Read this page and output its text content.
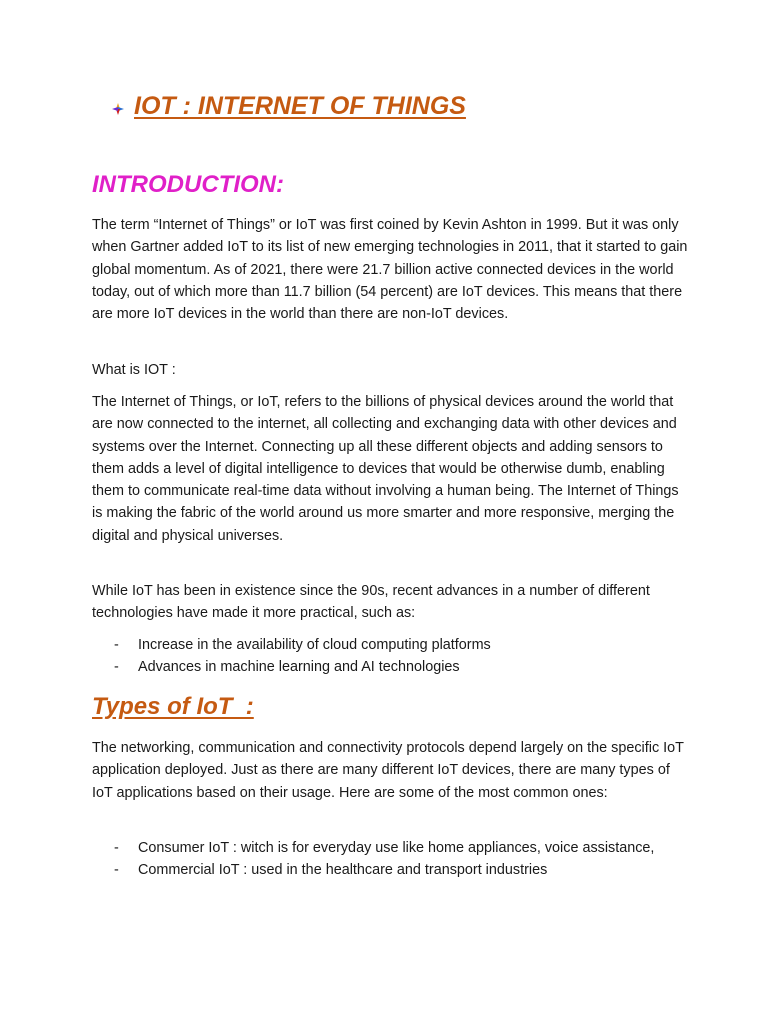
IOT : INTERNET OF THINGS
INTRODUCTION:

The term “Internet of Things” or IoT was first coined by Kevin Ashton in 1999. But it was only when Gartner added IoT to its list of new emerging technologies in 2011, that it started to gain global momentum. As of 2021, there were 21.7 billion active connected devices in the world today, out of which more than 11.7 billion (54 percent) are IoT devices. This means that there are more IoT devices in the world than there are non-IoT devices.

What is IOT :

The Internet of Things, or IoT, refers to the billions of physical devices around the world that are now connected to the internet, all collecting and exchanging data with other devices and systems over the Internet. Connecting up all these different objects and adding sensors to them adds a level of digital intelligence to devices that would be otherwise dumb, enabling them to communicate real-time data without involving a human being. The Internet of Things is making the fabric of the world around us more smarter and more responsive, merging the digital and physical universes.

While IoT has been in existence since the 90s, recent advances in a number of different technologies have made it more practical, such as:

- Increase in the availability of cloud computing platforms
- Advances in machine learning and AI technologies
Types of IoT  :

The networking, communication and connectivity protocols depend largely on the specific IoT application deployed. Just as there are many different IoT devices, there are many types of IoT applications based on their usage. Here are some of the most common ones:

- Consumer IoT : witch is for everyday use like home appliances, voice assistance,
- Commercial IoT : used in the healthcare and transport industries
